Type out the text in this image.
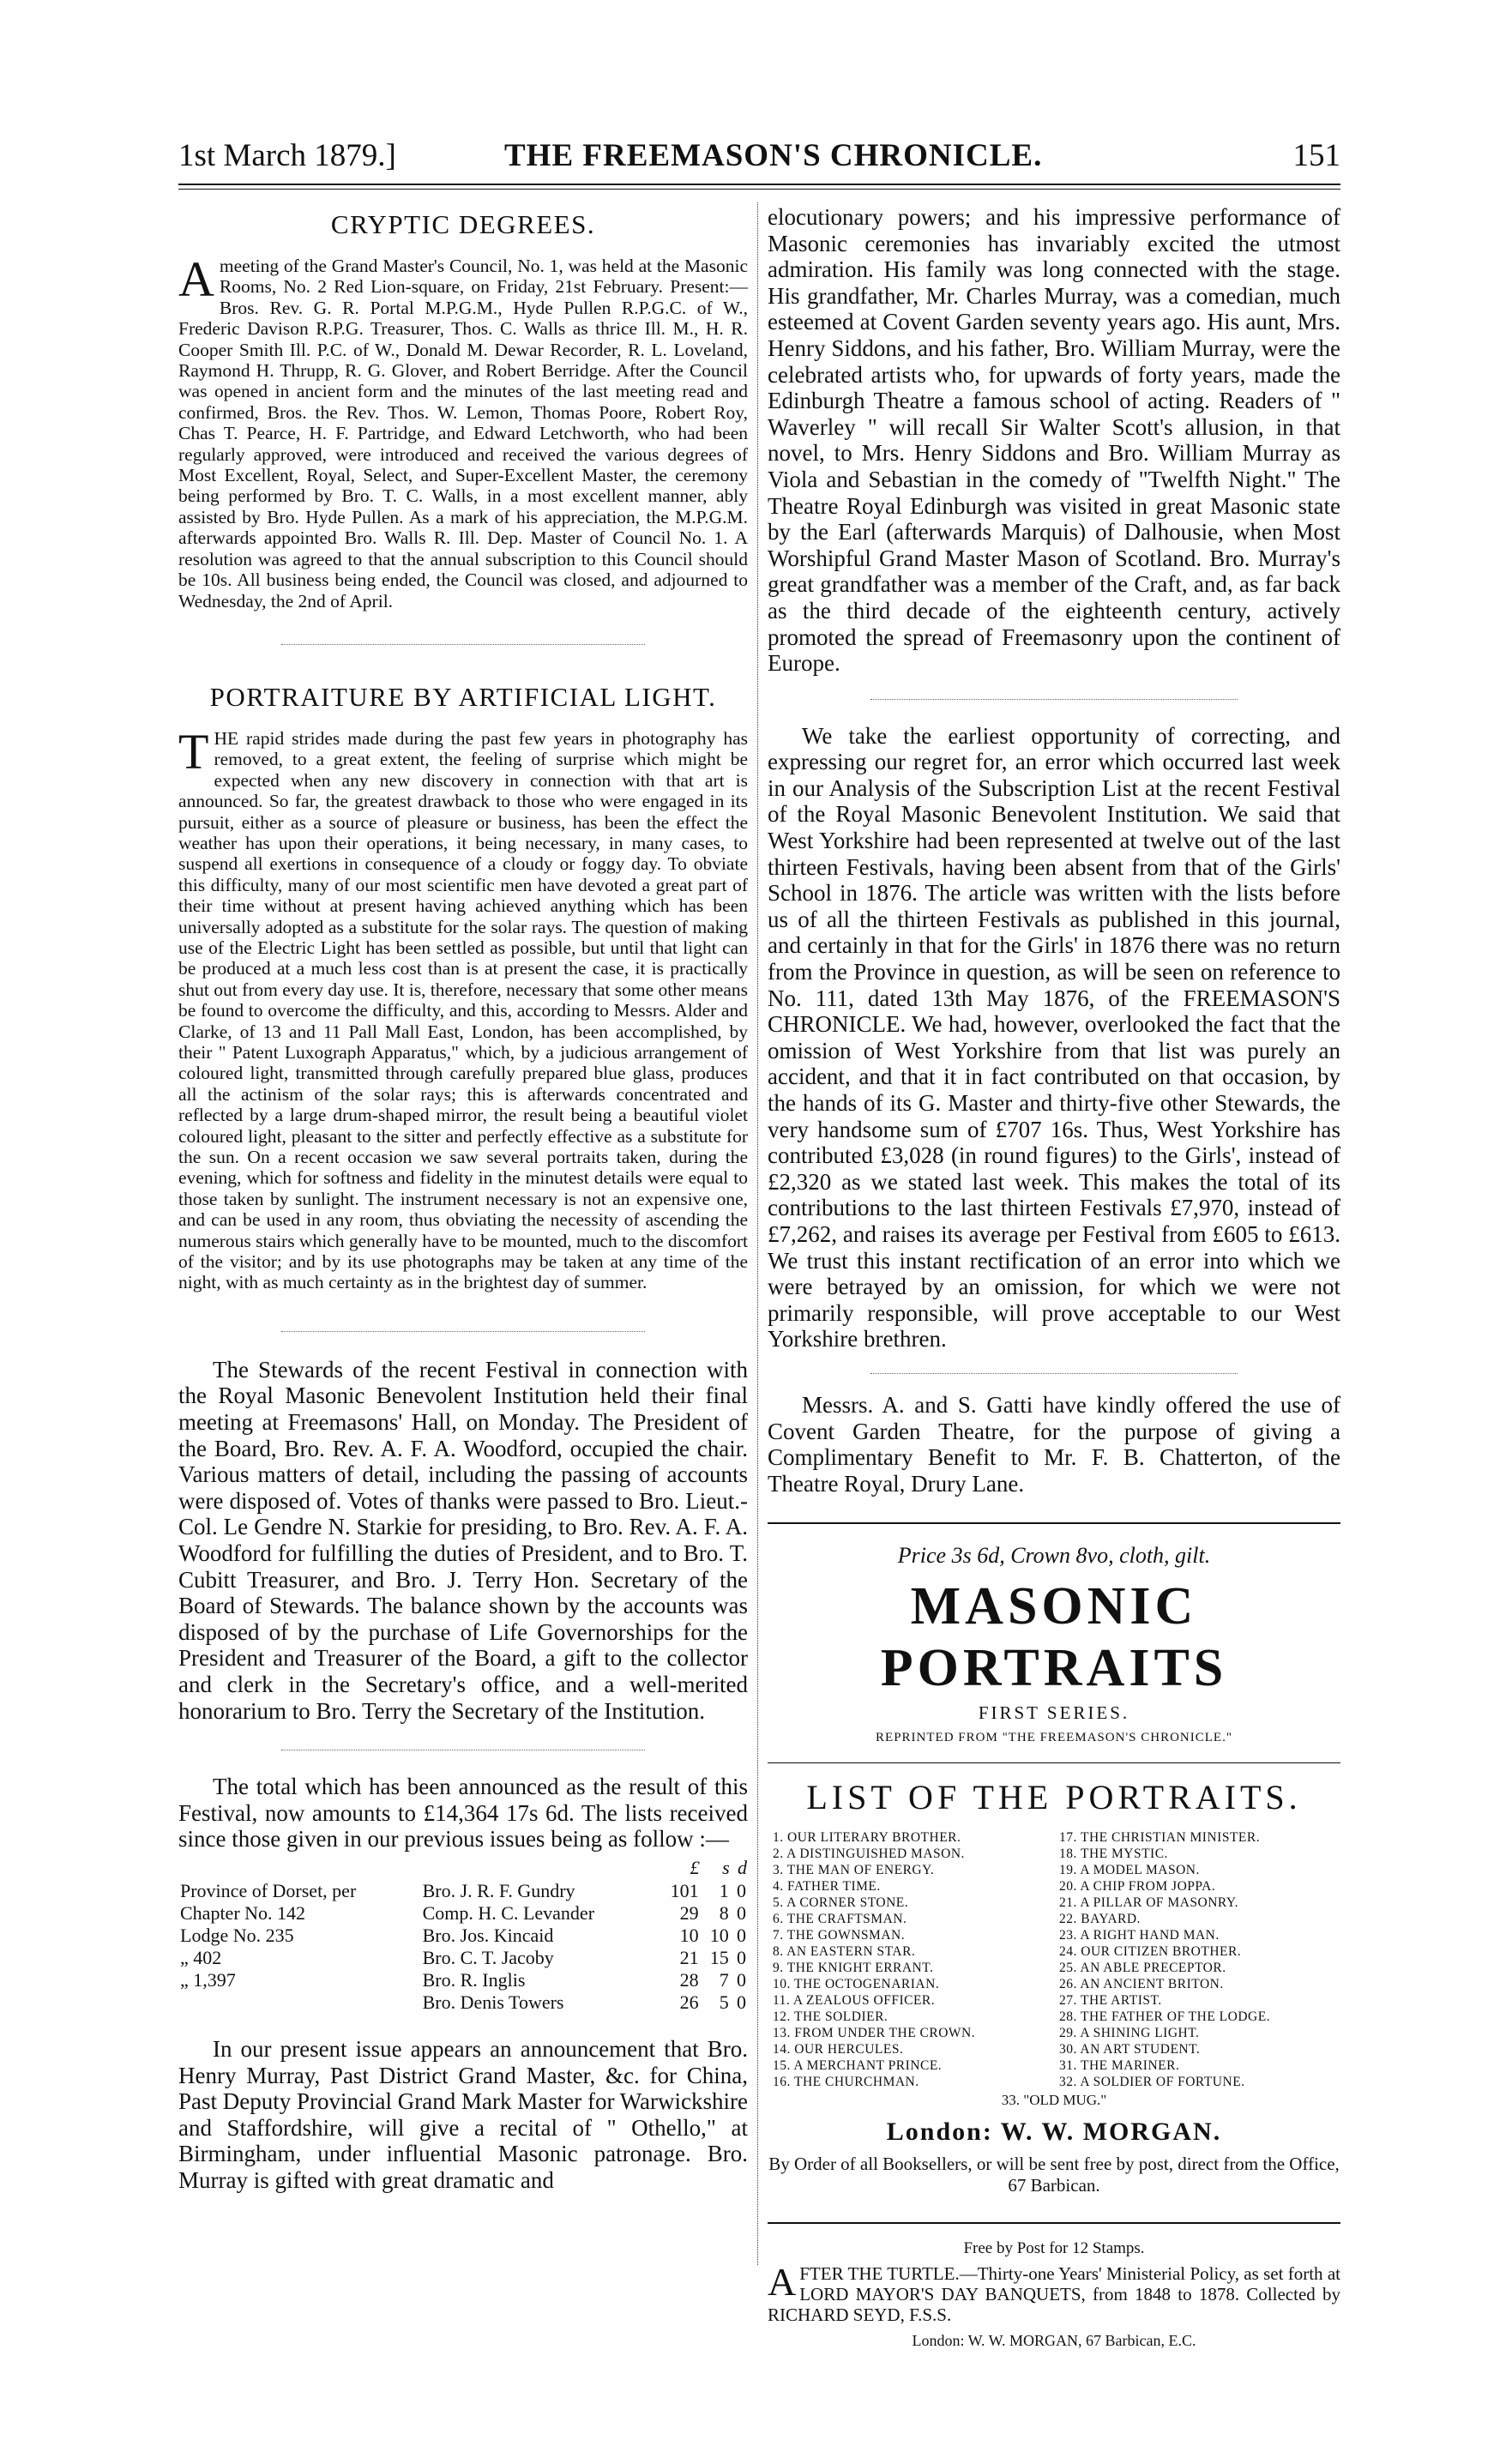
1st March 1879.]	THE FREEMASON'S CHRONICLE.	151
CRYPTIC DEGREES.

A meeting of the Grand Master's Council, No. 1, was held at the Masonic Rooms, No. 2 Red Lion-square, on Friday, 21st February. Present:—Bros. Rev. G. R. Portal M.P.G.M., Hyde Pullen R.P.G.C. of W., Frederic Davison R.P.G. Treasurer, Thos. C. Walls as thrice Ill. M., H. R. Cooper Smith Ill. P.C. of W., Donald M. Dewar Recorder, R. L. Loveland, Raymond H. Thrupp, R. G. Glover, and Robert Berridge. After the Council was opened in ancient form and the minutes of the last meeting read and confirmed, Bros. the Rev. Thos. W. Lemon, Thomas Poore, Robert Roy, Chas T. Pearce, H. F. Partridge, and Edward Letchworth, who had been regularly approved, were introduced and received the various degrees of Most Excellent, Royal, Select, and Super-Excellent Master, the ceremony being performed by Bro. T. C. Walls, in a most excellent manner, ably assisted by Bro. Hyde Pullen. As a mark of his appreciation, the M.P.G.M. afterwards appointed Bro. Walls R. Ill. Dep. Master of Council No. 1. A resolution was agreed to that the annual subscription to this Council should be 10s. All business being ended, the Council was closed, and adjourned to Wednesday, the 2nd of April.

PORTRAITURE BY ARTIFICIAL LIGHT.

T HE rapid strides made during the past few years in photography has removed, to a great extent, the feeling of surprise which might be expected when any new discovery in connection with that art is announced. So far, the greatest drawback to those who were engaged in its pursuit, either as a source of pleasure or business, has been the effect the weather has upon their operations, it being necessary, in many cases, to suspend all exertions in consequence of a cloudy or foggy day. To obviate this difficulty, many of our most scientific men have devoted a great part of their time without at present having achieved anything which has been universally adopted as a substitute for the solar rays. The question of making use of the Electric Light has been settled as possible, but until that light can be produced at a much less cost than is at present the case, it is practically shut out from every day use. It is, therefore, necessary that some other means be found to overcome the difficulty, and this, according to Messrs. Alder and Clarke, of 13 and 11 Pall Mall East, London, has been accomplished, by their " Patent Luxograph Apparatus," which, by a judicious arrangement of coloured light, transmitted through carefully prepared blue glass, produces all the actinism of the solar rays; this is afterwards concentrated and reflected by a large drum-shaped mirror, the result being a beautiful violet coloured light, pleasant to the sitter and perfectly effective as a substitute for the sun. On a recent occasion we saw several portraits taken, during the evening, which for softness and fidelity in the minutest details were equal to those taken by sunlight. The instrument necessary is not an expensive one, and can be used in any room, thus obviating the necessity of ascending the numerous stairs which generally have to be mounted, much to the discomfort of the visitor; and by its use photographs may be taken at any time of the night, with as much certainty as in the brightest day of summer.

The Stewards of the recent Festival in connection with the Royal Masonic Benevolent Institution held their final meeting at Freemasons' Hall, on Monday. The President of the Board, Bro. Rev. A. F. A. Woodford, occupied the chair. Various matters of detail, including the passing of accounts were disposed of. Votes of thanks were passed to Bro. Lieut.-Col. Le Gendre N. Starkie for presiding, to Bro. Rev. A. F. A. Woodford for fulfilling the duties of President, and to Bro. T. Cubitt Treasurer, and Bro. J. Terry Hon. Secretary of the Board of Stewards. The balance shown by the accounts was disposed of by the purchase of Life Governorships for the President and Treasurer of the Board, a gift to the collector and clerk in the Secretary's office, and a well-merited honorarium to Bro. Terry the Secretary of the Institution.

The total which has been announced as the result of this Festival, now amounts to £14,364 17s 6d. The lists received since those given in our previous issues being as follow :—

		£	s	d
Province of Dorset, per	Bro. J. R. F. Gundry	101	1	0
Chapter No. 142	Comp. H. C. Levander	29	8	0
Lodge No. 235	Bro. Jos. Kincaid	10	10	0
„ 402	Bro. C. T. Jacoby	21	15	0
„ 1,397	Bro. R. Inglis	28	7	0
	Bro. Denis Towers	26	5	0

In our present issue appears an announcement that Bro. Henry Murray, Past District Grand Master, &c. for China, Past Deputy Provincial Grand Mark Master for Warwickshire and Staffordshire, will give a recital of " Othello," at Birmingham, under influential Masonic patronage. Bro. Murray is gifted with great dramatic and

elocutionary powers; and his impressive performance of Masonic ceremonies has invariably excited the utmost admiration. His family was long connected with the stage. His grandfather, Mr. Charles Murray, was a comedian, much esteemed at Covent Garden seventy years ago. His aunt, Mrs. Henry Siddons, and his father, Bro. William Murray, were the celebrated artists who, for upwards of forty years, made the Edinburgh Theatre a famous school of acting. Readers of " Waverley " will recall Sir Walter Scott's allusion, in that novel, to Mrs. Henry Siddons and Bro. William Murray as Viola and Sebastian in the comedy of "Twelfth Night." The Theatre Royal Edinburgh was visited in great Masonic state by the Earl (afterwards Marquis) of Dalhousie, when Most Worshipful Grand Master Mason of Scotland. Bro. Murray's great grandfather was a member of the Craft, and, as far back as the third decade of the eighteenth century, actively promoted the spread of Freemasonry upon the continent of Europe.

We take the earliest opportunity of correcting, and expressing our regret for, an error which occurred last week in our Analysis of the Subscription List at the recent Festival of the Royal Masonic Benevolent Institution. We said that West Yorkshire had been represented at twelve out of the last thirteen Festivals, having been absent from that of the Girls' School in 1876. The article was written with the lists before us of all the thirteen Festivals as published in this journal, and certainly in that for the Girls' in 1876 there was no return from the Province in question, as will be seen on reference to No. 111, dated 13th May 1876, of the FREEMASON'S CHRONICLE. We had, however, overlooked the fact that the omission of West Yorkshire from that list was purely an accident, and that it in fact contributed on that occasion, by the hands of its G. Master and thirty-five other Stewards, the very handsome sum of £707 16s. Thus, West Yorkshire has contributed £3,028 (in round figures) to the Girls', instead of £2,320 as we stated last week. This makes the total of its contributions to the last thirteen Festivals £7,970, instead of £7,262, and raises its average per Festival from £605 to £613. We trust this instant rectification of an error into which we were betrayed by an omission, for which we were not primarily responsible, will prove acceptable to our West Yorkshire brethren.

Messrs. A. and S. Gatti have kindly offered the use of Covent Garden Theatre, for the purpose of giving a Complimentary Benefit to Mr. F. B. Chatterton, of the Theatre Royal, Drury Lane.

Price 3s 6d, Crown 8vo, cloth, gilt.

MASONIC PORTRAITS

FIRST SERIES.

REPRINTED FROM "THE FREEMASON'S CHRONICLE."

LIST OF THE PORTRAITS.
1. OUR LITERARY BROTHER.
2. A DISTINGUISHED MASON.
3. THE MAN OF ENERGY.
4. FATHER TIME.
5. A CORNER STONE.
6. THE CRAFTSMAN.
7. THE GOWNSMAN.
8. AN EASTERN STAR.
9. THE KNIGHT ERRANT.
10. THE OCTOGENARIAN.
11. A ZEALOUS OFFICER.
12. THE SOLDIER.
13. FROM UNDER THE CROWN.
14. OUR HERCULES.
15. A MERCHANT PRINCE.
16. THE CHURCHMAN.
17. THE CHRISTIAN MINISTER.
18. THE MYSTIC.
19. A MODEL MASON.
20. A CHIP FROM JOPPA.
21. A PILLAR OF MASONRY.
22. BAYARD.
23. A RIGHT HAND MAN.
24. OUR CITIZEN BROTHER.
25. AN ABLE PRECEPTOR.
26. AN ANCIENT BRITON.
27. THE ARTIST.
28. THE FATHER OF THE LODGE.
29. A SHINING LIGHT.
30. AN ART STUDENT.
31. THE MARINER.
32. A SOLDIER OF FORTUNE.

33. "OLD MUG."

London: W. W. MORGAN.

By Order of all Booksellers, or will be sent free by post, direct from the Office, 67 Barbican.

Free by Post for 12 Stamps.

A FTER THE TURTLE.—Thirty-one Years' Ministerial Policy, as set forth at LORD MAYOR'S DAY BANQUETS, from 1848 to 1878. Collected by RICHARD SEYD, F.S.S.

London: W. W. MORGAN, 67 Barbican, E.C.
